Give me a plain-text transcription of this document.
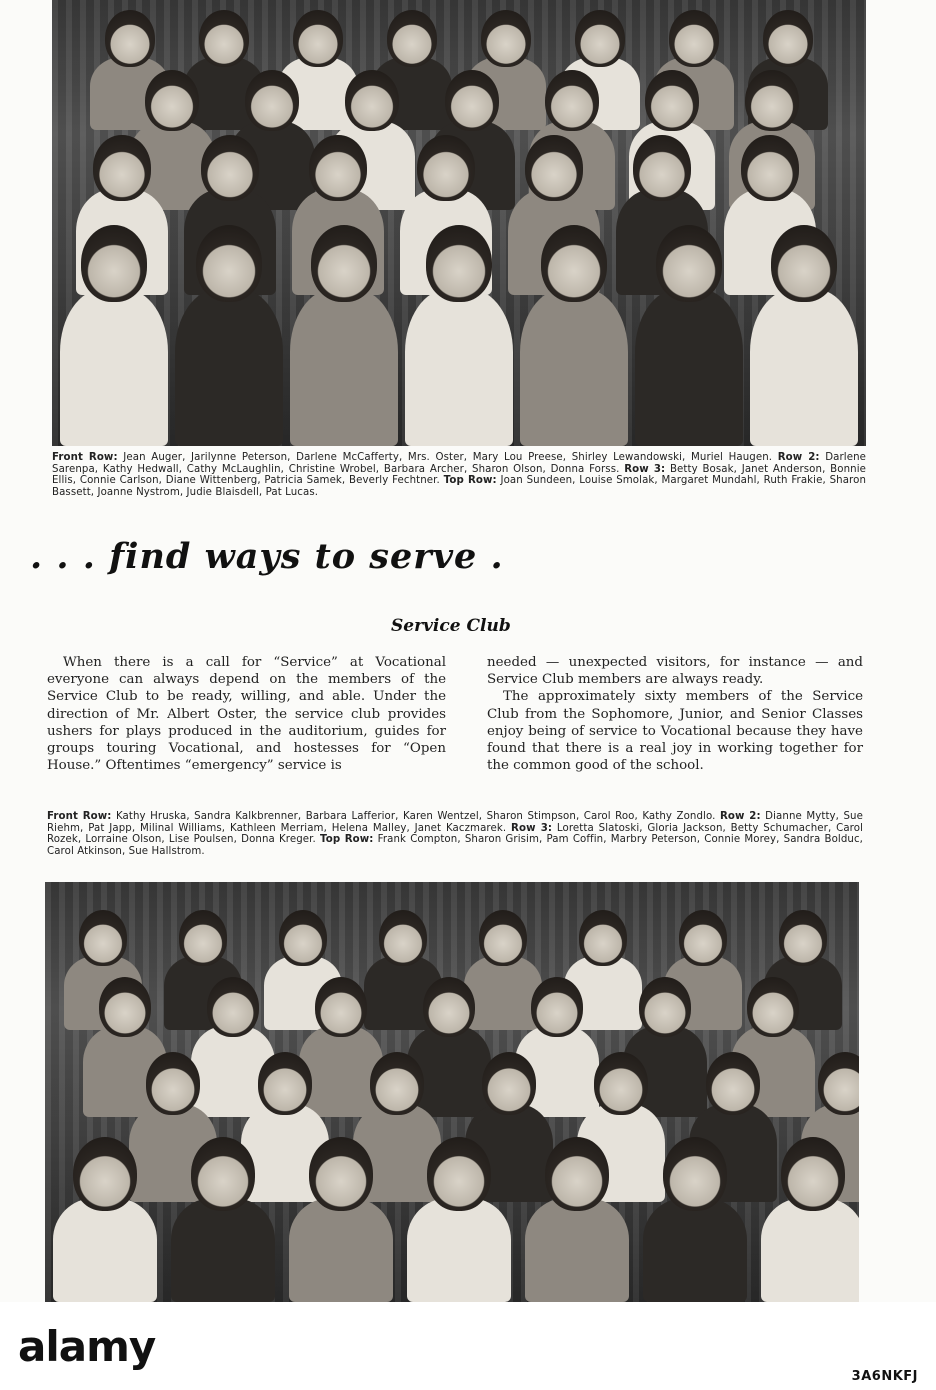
Front Row: Jean Auger, Jarilynne Peterson, Darlene McCafferty, Mrs. Oster, Mary Lou Preese, Shirley Lewandowski, Muriel Haugen. Row 2: Darlene Sarenpa, Kathy Hedwall, Cathy McLaughlin, Christine Wrobel, Barbara Archer, Sharon Olson, Donna Forss. Row 3: Betty Bosak, Janet Anderson, Bonnie Ellis, Connie Carlson, Diane Wittenberg, Patricia Samek, Beverly Fechtner. Top Row: Joan Sundeen, Louise Smolak, Margaret Mundahl, Ruth Frakie, Sharon Bassett, Joanne Nystrom, Judie Blaisdell, Pat Lucas.
. . . find ways to serve .
Service Club

When there is a call for “Service” at Vocational everyone can always depend on the members of the Service Club to be ready, willing, and able. Under the direction of Mr. Albert Oster, the service club provides ushers for plays produced in the auditorium, guides for groups touring Vocational, and hostesses for “Open House.” Oftentimes “emergency” service is

needed — unexpected visitors, for instance — and Service Club members are always ready.

The approximately sixty members of the Service Club from the Sophomore, Junior, and Senior Classes enjoy being of service to Vocational because they have found that there is a real joy in working together for the common good of the school.

Front Row: Kathy Hruska, Sandra Kalkbrenner, Barbara Lafferior, Karen Wentzel, Sharon Stimpson, Carol Roo, Kathy Zondlo. Row 2: Dianne Mytty, Sue Riehm, Pat Japp, Milinal Williams, Kathleen Merriam, Helena Malley, Janet Kaczmarek. Row 3: Loretta Slatoski, Gloria Jackson, Betty Schumacher, Carol Rozek, Lorraine Olson, Lise Poulsen, Donna Kreger. Top Row: Frank Compton, Sharon Grisim, Pam Coffin, Marbry Peterson, Connie Morey, Sandra Bolduc, Carol Atkinson, Sue Hallstrom.
alamy
3A6NKFJ
